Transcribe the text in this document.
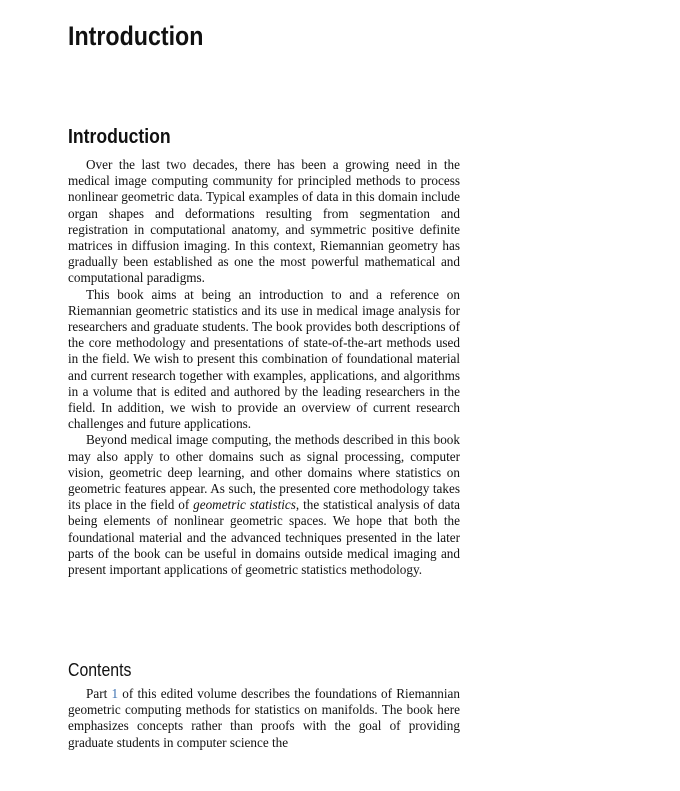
Introduction
Introduction

Over the last two decades, there has been a growing need in the medical image computing community for principled methods to process nonlinear geometric data. Typical examples of data in this domain include organ shapes and deformations resulting from segmentation and registration in computational anatomy, and symmetric positive definite matrices in diffusion imaging. In this context, Riemannian geometry has gradually been established as one the most powerful mathematical and computational paradigms.

This book aims at being an introduction to and a reference on Riemannian geometric statistics and its use in medical image analysis for researchers and graduate students. The book provides both descriptions of the core methodology and presentations of state-of-the-art methods used in the field. We wish to present this combination of foundational material and current research together with examples, applications, and algorithms in a volume that is edited and authored by the leading researchers in the field. In addition, we wish to provide an overview of current research challenges and future applications.

Beyond medical image computing, the methods described in this book may also apply to other domains such as signal processing, computer vision, geometric deep learning, and other domains where statistics on geometric features appear. As such, the presented core methodology takes its place in the field of geometric statistics, the statistical analysis of data being elements of nonlinear geometric spaces. We hope that both the foundational material and the advanced techniques presented in the later parts of the book can be useful in domains outside medical imaging and present important applications of geometric statistics methodology.

Contents

Part 1 of this edited volume describes the foundations of Riemannian geometric computing methods for statistics on manifolds. The book here emphasizes concepts rather than proofs with the goal of providing graduate students in computer science the
